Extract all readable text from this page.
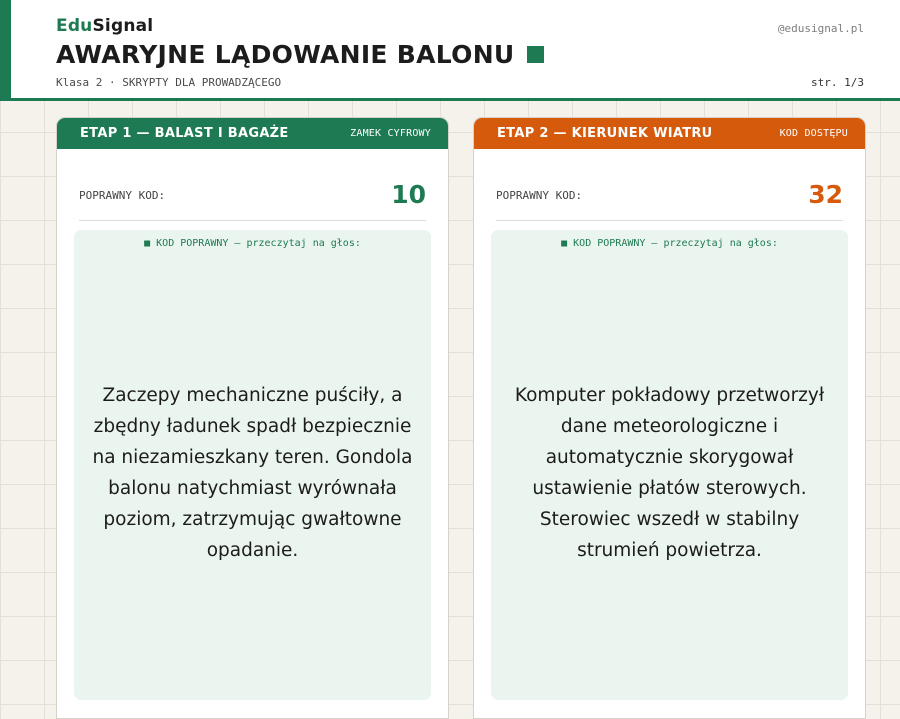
EduSignal	@edusignal.pl
AWARYJNE LĄDOWANIE BALONU
Klasa 2 · SKRYPTY DLA PROWADZĄCEGO	str. 1/3
ETAP 1 — BALAST I BAGAŻE	ZAMEK CYFROWY
POPRAWNY KOD:	10
■ KOD POPRAWNY – przeczytaj na głos:
Zaczepy mechaniczne puściły, a zbędny ładunek spadł bezpiecznie na niezamieszkany teren. Gondola balonu natychmiast wyrównała poziom, zatrzymując gwałtowne opadanie.
ETAP 2 — KIERUNEK WIATRU	KOD DOSTĘPU
POPRAWNY KOD:	32
■ KOD POPRAWNY – przeczytaj na głos:
Komputer pokładowy przetworzył dane meteorologiczne i automatycznie skorygował ustawienie płatów sterowych. Sterowiec wszedł w stabilny strumień powietrza.
